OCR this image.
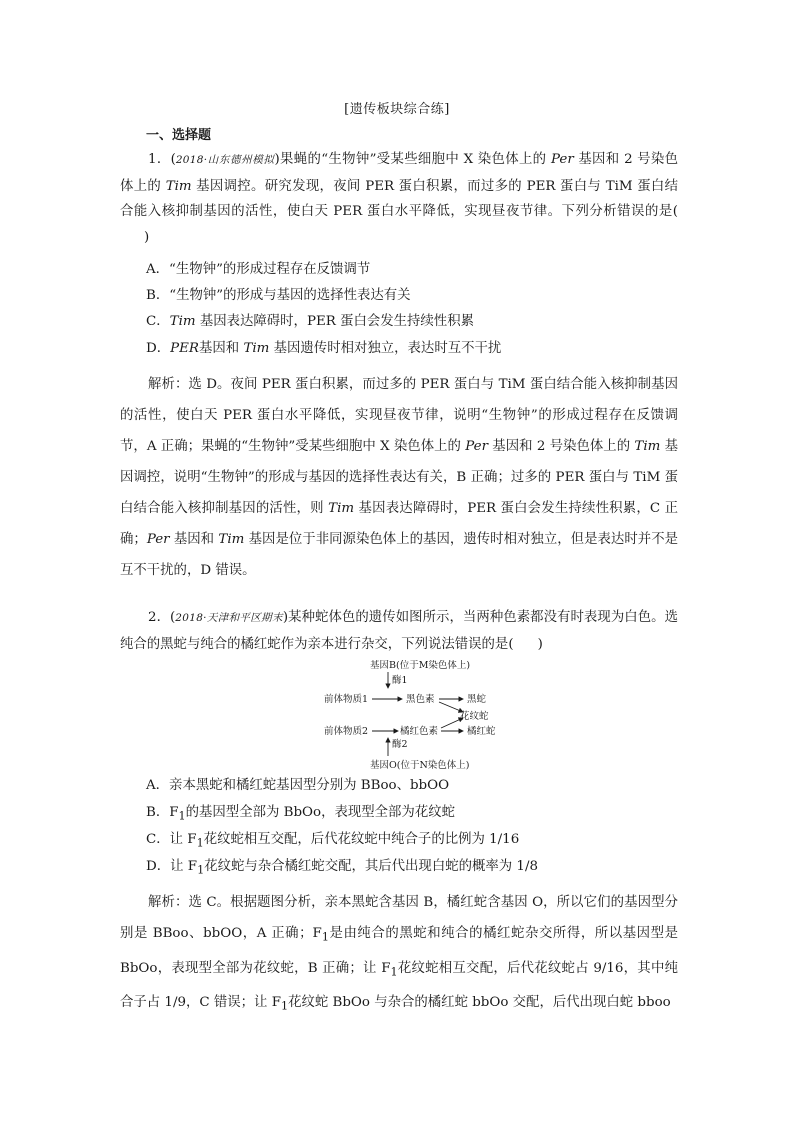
[遗传板块综合练]
一、选择题

1．(2018·山东德州模拟)果蝇的“生物钟”受某些细胞中 X 染色体上的 Per 基因和 2 号染色体上的 Tim 基因调控。研究发现，夜间 PER 蛋白积累，而过多的 PER 蛋白与 TiM 蛋白结合能入核抑制基因的活性，使白天 PER 蛋白水平降低，实现昼夜节律。下列分析错误的是()

A．“生物钟”的形成过程存在反馈调节
B．“生物钟”的形成与基因的选择性表达有关
C．Tim 基因表达障碍时，PER 蛋白会发生持续性积累
D．PER基因和 Tim 基因遗传时相对独立，表达时互不干扰

解析：选 D。夜间 PER 蛋白积累，而过多的 PER 蛋白与 TiM 蛋白结合能入核抑制基因的活性，使白天 PER 蛋白水平降低，实现昼夜节律，说明“生物钟”的形成过程存在反馈调节，A 正确；果蝇的“生物钟”受某些细胞中 X 染色体上的 Per 基因和 2 号染色体上的 Tim 基因调控，说明“生物钟”的形成与基因的选择性表达有关，B 正确；过多的 PER 蛋白与 TiM 蛋白结合能入核抑制基因的活性，则 Tim 基因表达障碍时，PER 蛋白会发生持续性积累，C 正确；Per 基因和 Tim 基因是位于非同源染色体上的基因，遗传时相对独立，但是表达时并不是互不干扰的，D 错误。

2．(2018·天津和平区期末)某种蛇体色的遗传如图所示，当两种色素都没有时表现为白色。选纯合的黑蛇与纯合的橘红蛇作为亲本进行杂交，下列说法错误的是( )

基因B(位于M染色体上)
酶1
前体物质1	黑色素	黑蛇
花纹蛇
前体物质2	橘红色素	橘红蛇
酶2
基因O(位于N染色体上)
A．亲本黑蛇和橘红蛇基因型分别为 BBoo、bbOO
B．$F_1$的基因型全部为 BbOo，表现型全部为花纹蛇
C．让 $F_1$花纹蛇相互交配，后代花纹蛇中纯合子的比例为 1/16
D．让 $F_1$花纹蛇与杂合橘红蛇交配，其后代出现白蛇的概率为 1/8

解析：选 C。根据题图分析，亲本黑蛇含基因 B，橘红蛇含基因 O，所以它们的基因型分别是 BBoo、bbOO，A 正确；$F_1$是由纯合的黑蛇和纯合的橘红蛇杂交所得，所以基因型是 BbOo，表现型全部为花纹蛇，B 正确；让 $F_1$花纹蛇相互交配，后代花纹蛇占 9/16，其中纯合子占 1/9，C 错误；让 $F_1$花纹蛇 BbOo 与杂合的橘红蛇 bbOo 交配，后代出现白蛇 bboo
